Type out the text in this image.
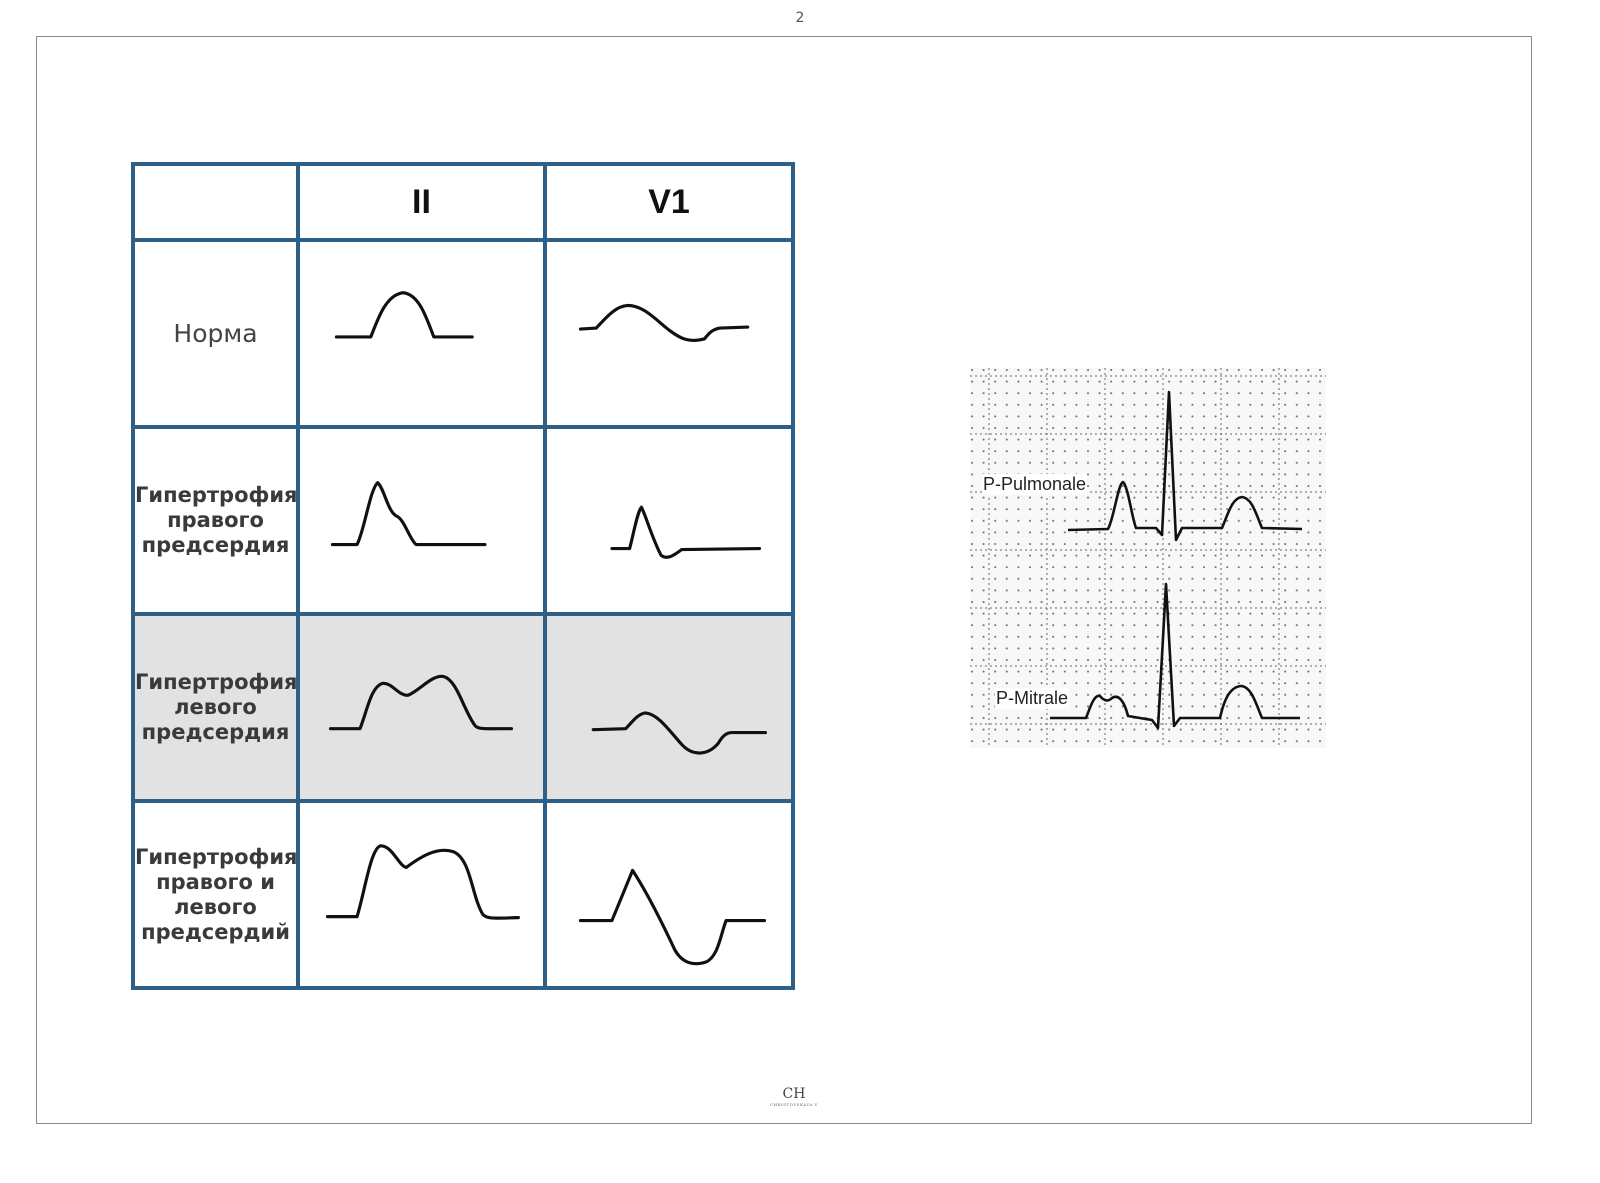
2
	II	V1

Норма

Гипертрофия
правого
предсердия

Гипертрофия
левого
предсердия

Гипертрофия
правого и
левого
предсердий

P-Pulmonale
P-Mitrale
CH
CHRISTOVSKAYA V
